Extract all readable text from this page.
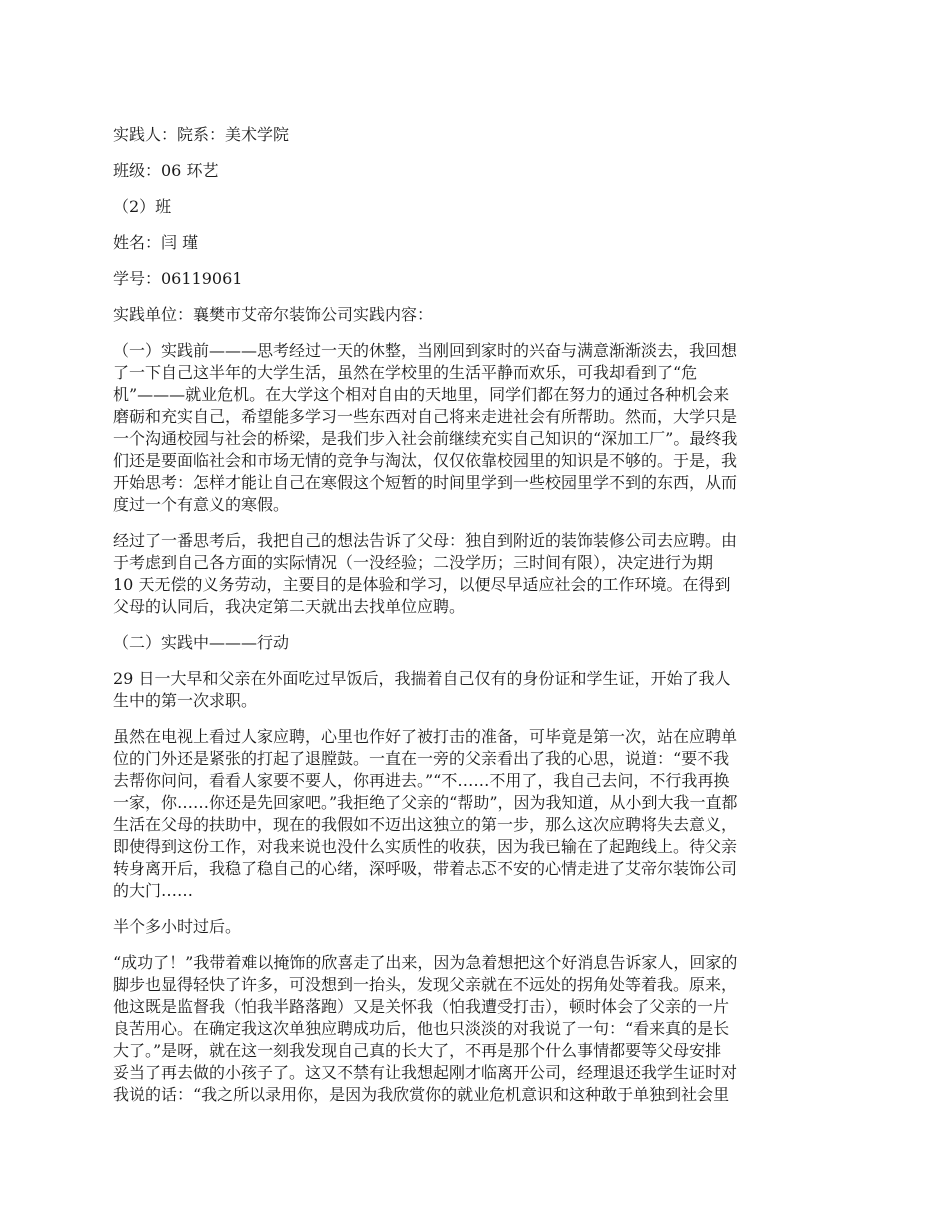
实践人：院系：美术学院

班级：06 环艺

（2）班

姓名：闫 瑾

学号：06119061

实践单位：襄樊市艾帝尔装饰公司实践内容：

（一）实践前———思考经过一天的休整，当刚回到家时的兴奋与满意渐渐淡去，我回想
了一下自己这半年的大学生活，虽然在学校里的生活平静而欢乐，可我却看到了“危
机”———就业危机。在大学这个相对自由的天地里，同学们都在努力的通过各种机会来
磨砺和充实自己，希望能多学习一些东西对自己将来走进社会有所帮助。然而，大学只是
一个沟通校园与社会的桥梁，是我们步入社会前继续充实自己知识的“深加工厂”。最终我
们还是要面临社会和市场无情的竞争与淘汰，仅仅依靠校园里的知识是不够的。于是，我
开始思考：怎样才能让自己在寒假这个短暂的时间里学到一些校园里学不到的东西，从而
度过一个有意义的寒假。
经过了一番思考后，我把自己的想法告诉了父母：独自到附近的装饰装修公司去应聘。由
于考虑到自己各方面的实际情况（一没经验；二没学历；三时间有限），决定进行为期
10 天无偿的义务劳动，主要目的是体验和学习，以便尽早适应社会的工作环境。在得到
父母的认同后，我决定第二天就出去找单位应聘。

（二）实践中———行动

29 日一大早和父亲在外面吃过早饭后，我揣着自己仅有的身份证和学生证，开始了我人
生中的第一次求职。
虽然在电视上看过人家应聘，心里也作好了被打击的准备，可毕竟是第一次，站在应聘单
位的门外还是紧张的打起了退膛鼓。一直在一旁的父亲看出了我的心思，说道：“要不我
去帮你问问，看看人家要不要人，你再进去。”“不……不用了，我自己去问，不行我再换
一家，你……你还是先回家吧。”我拒绝了父亲的“帮助”，因为我知道，从小到大我一直都
生活在父母的扶助中，现在的我假如不迈出这独立的第一步，那么这次应聘将失去意义，
即使得到这份工作，对我来说也没什么实质性的收获，因为我已输在了起跑线上。待父亲
转身离开后，我稳了稳自己的心绪，深呼吸，带着忐忑不安的心情走进了艾帝尔装饰公司
的大门……

半个多小时过后。

“成功了！”我带着难以掩饰的欣喜走了出来，因为急着想把这个好消息告诉家人，回家的
脚步也显得轻快了许多，可没想到一抬头，发现父亲就在不远处的拐角处等着我。原来，
他这既是监督我（怕我半路落跑）又是关怀我（怕我遭受打击），顿时体会了父亲的一片
良苦用心。在确定我这次单独应聘成功后，他也只淡淡的对我说了一句：“看来真的是长
大了。”是呀，就在这一刻我发现自己真的长大了，不再是那个什么事情都要等父母安排
妥当了再去做的小孩子了。这又不禁有让我想起刚才临离开公司，经理退还我学生证时对
我说的话：“我之所以录用你，是因为我欣赏你的就业危机意识和这种敢于单独到社会里
